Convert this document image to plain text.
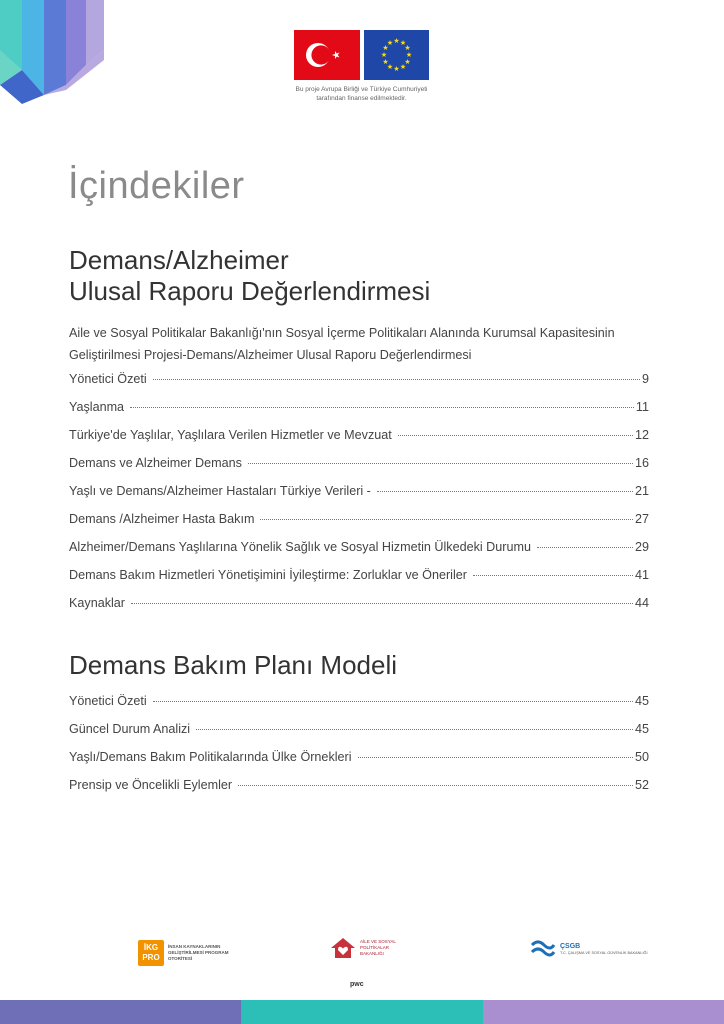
★ ★
★
★
★
★
★
★
★
★
★
★
Bu proje Avrupa Birliği ve Türkiye Cumhuriyeti
tarafından finanse edilmektedir.
İçindekiler
Demans/Alzheimer
Ulusal Raporu Değerlendirmesi
Aile ve Sosyal Politikalar Bakanlığı'nın Sosyal İçerme Politikaları Alanında Kurumsal Kapasitesinin Geliştirilmesi Projesi-Demans/Alzheimer Ulusal Raporu Değerlendirmesi
Yönetici Özeti	9
Yaşlanma	11
Türkiye'de Yaşlılar, Yaşlılara Verilen Hizmetler ve Mevzuat	12
Demans ve Alzheimer Demans	16
Yaşlı ve Demans/Alzheimer Hastaları Türkiye Verileri -	21
Demans /Alzheimer Hasta Bakım	27
Alzheimer/Demans Yaşlılarına Yönelik Sağlık ve Sosyal Hizmetin Ülkedeki Durumu	29
Demans Bakım Hizmetleri Yönetişimini İyileştirme: Zorluklar ve Öneriler	41
Kaynaklar	44
Demans Bakım Planı Modeli
Yönetici Özeti	45
Güncel Durum Analizi	45
Yaşlı/Demans Bakım Politikalarında Ülke Örnekleri	50
Prensip ve Öncelikli Eylemler	52
İKG PRO
İNSAN KAYNAKLARININ GELİŞTİRİLMESİ PROGRAM OTORİTESİ
AİLE VE SOSYAL POLİTİKALAR BAKANLIĞI
pwc
ÇSGB
T.C. ÇALIŞMA VE SOSYAL GÜVENLİK BAKANLIĞI
